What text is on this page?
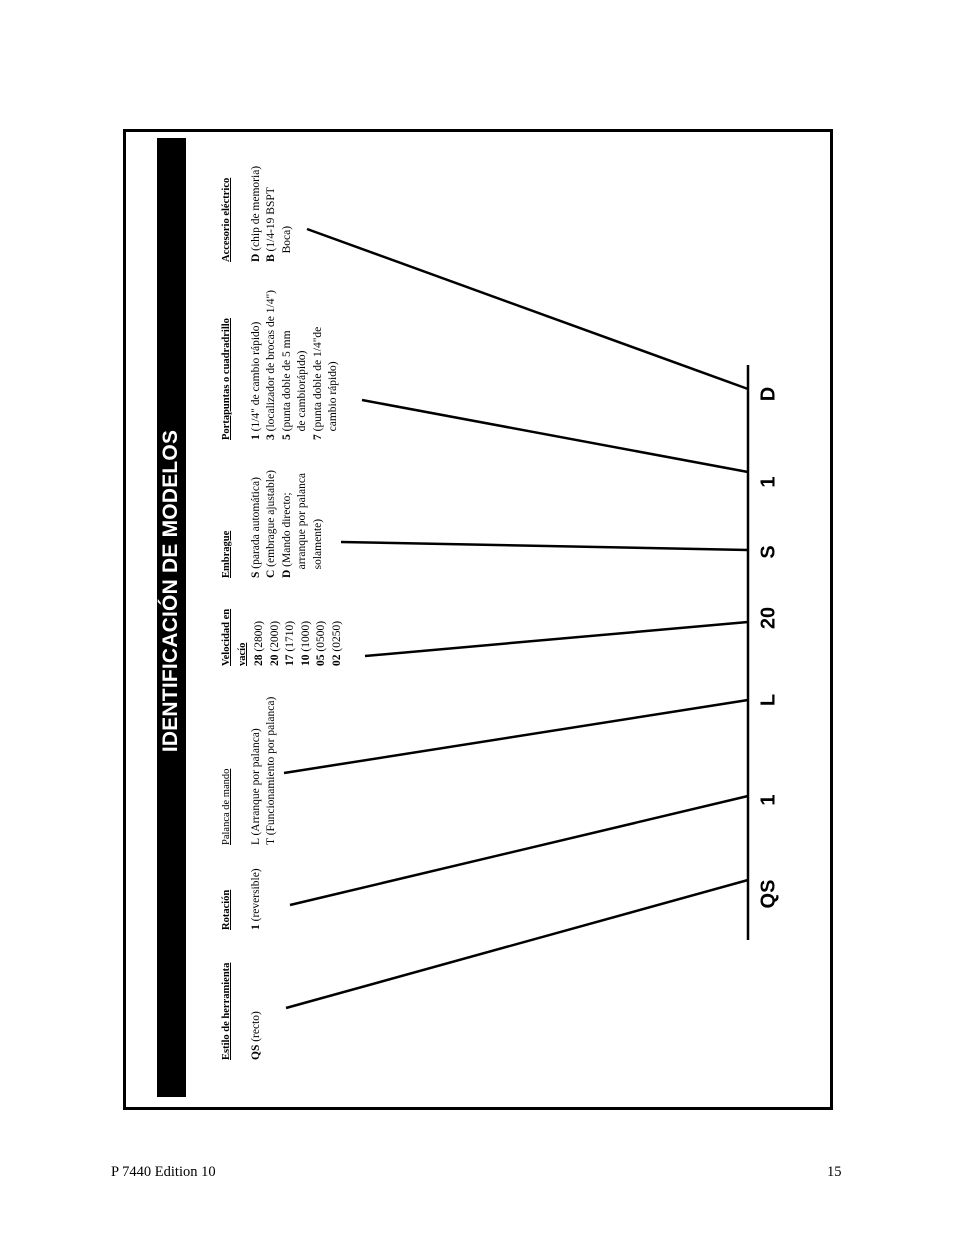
IDENTIFICACIÓN DE MODELOS
Estilo de herramienta QS (recto)
Rotación 1 (reversible)
Palanca de mando L (Arranque por palanca) T (Funcionamiento por palanca)
Velocidad en vacío 28 (2800)
20 (2000)
17 (1710)
10 (1000)
05 (0500)
02 (0250)
Embrague S (parada automática)
C (embrague ajustable)
D (Mando directo; arranque por palanca solamente)
Portapuntas o cuadradrillo 1 (1/4" de cambio rápido)
3 (localizador de brocas de 1/4")
5 (punta doble de 5 mm de cambiorápido) 7 (punta doble de 1/4"de cambio rápido)
Accesorio eléctrico D (chip de memoria)
B (1/4-19 BSPT Boca)
QS
1
L
20
S
1
D
P 7440 Edition 10	15
